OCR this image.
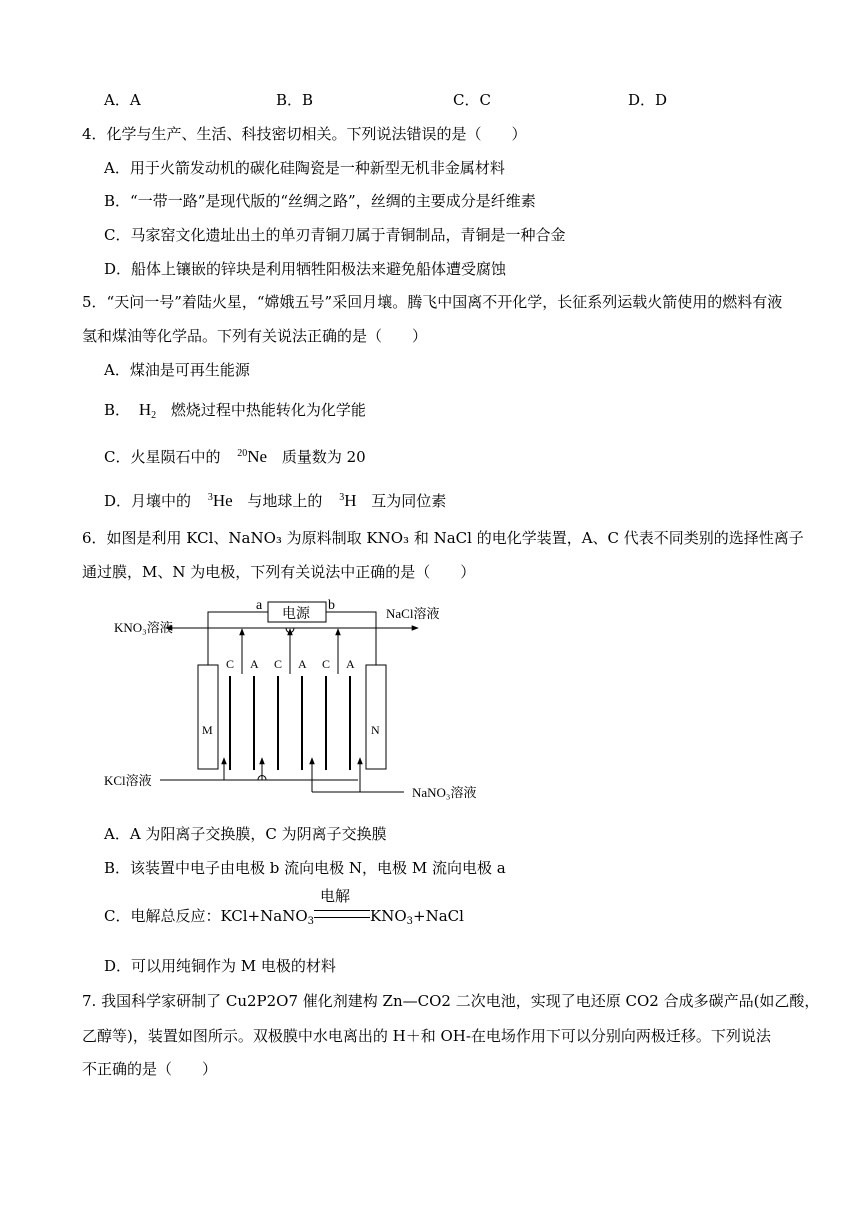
A．A	B．B	C．C	D．D
4．化学与生产、生活、科技密切相关。下列说法错误的是（　　）
A．用于火箭发动机的碳化硅陶瓷是一种新型无机非金属材料
B．“一带一路”是现代版的“丝绸之路”，丝绸的主要成分是纤维素
C．马家窑文化遗址出土的单刃青铜刀属于青铜制品，青铜是一种合金
D．船体上镶嵌的锌块是利用牺牲阳极法来避免船体遭受腐蚀
5．“天问一号”着陆火星，“嫦娥五号”采回月壤。腾飞中国离不开化学，长征系列运载火箭使用的燃料有液
氢和煤油等化学品。下列有关说法正确的是（　　）
A．煤油是可再生能源
B． $H_2$ 燃烧过程中热能转化为化学能
C．火星陨石中的 $^{20}$Ne 质量数为 20
D．月壤中的 $^3$He 与地球上的 $^3$H 互为同位素
6．如图是利用 KCl、NaNO₃ 为原料制取 KNO₃ 和 NaCl 的电化学装置，A、C 代表不同类别的选择性离子
通过膜，M、N 为电极，下列有关说法中正确的是（　　）
电源
a	b
KNO₃溶液
NaCl溶液
KCl溶液
NaNO₃溶液
M	N
C A C A C A
A．A 为阳离子交换膜，C 为阴离子交换膜
B．该装置中电子由电极 b 流向电极 N，电极 M 流向电极 a
C．电解总反应：KCl+NaNO$_3$
电解
$KNO_3+NaCl$
D．可以用纯铜作为 M 电极的材料
7. 我国科学家研制了 Cu2P2O7 催化剂建构 Zn—CO2 二次电池，实现了电还原 CO2 合成多碳产品(如乙酸，
乙醇等)，装置如图所示。双极膜中水电离出的 H＋和 OH-在电场作用下可以分别向两极迁移。下列说法
不正确的是（　　）
